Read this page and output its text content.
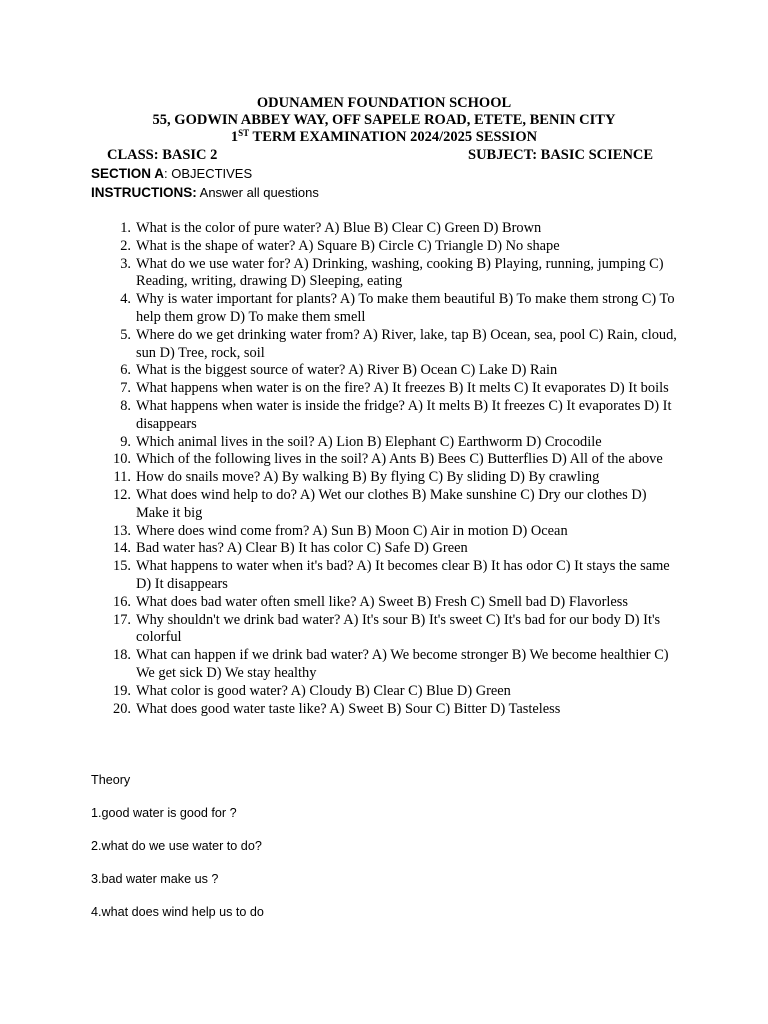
ODUNAMEN FOUNDATION SCHOOL
55, GODWIN ABBEY WAY, OFF SAPELE ROAD, ETETE, BENIN CITY
1ST TERM EXAMINATION 2024/2025 SESSION
CLASS: BASIC 2	SUBJECT: BASIC SCIENCE
SECTION A: OBJECTIVES
INSTRUCTIONS: Answer all questions
1. What is the color of pure water? A) Blue B) Clear C) Green D) Brown
2. What is the shape of water? A) Square B) Circle C) Triangle D) No shape
3. What do we use water for? A) Drinking, washing, cooking B) Playing, running, jumping C) Reading, writing, drawing D) Sleeping, eating
4. Why is water important for plants? A) To make them beautiful B) To make them strong C) To help them grow D) To make them smell
5. Where do we get drinking water from? A) River, lake, tap B) Ocean, sea, pool C) Rain, cloud, sun D) Tree, rock, soil
6. What is the biggest source of water? A) River B) Ocean C) Lake D) Rain
7. What happens when water is on the fire? A) It freezes B) It melts C) It evaporates D) It boils
8. What happens when water is inside the fridge? A) It melts B) It freezes C) It evaporates D) It disappears
9. Which animal lives in the soil? A) Lion B) Elephant C) Earthworm D) Crocodile
10. Which of the following lives in the soil? A) Ants B) Bees C) Butterflies D) All of the above
11. How do snails move? A) By walking B) By flying C) By sliding D) By crawling
12. What does wind help to do? A) Wet our clothes B) Make sunshine C) Dry our clothes D) Make it big
13. Where does wind come from? A) Sun B) Moon C) Air in motion D) Ocean
14. Bad water has? A) Clear B) It has color C) Safe D) Green
15. What happens to water when it's bad? A) It becomes clear B) It has odor C) It stays the same D) It disappears
16. What does bad water often smell like? A) Sweet B) Fresh C) Smell bad D) Flavorless
17. Why shouldn't we drink bad water? A) It's sour B) It's sweet C) It's bad for our body D) It's colorful
18. What can happen if we drink bad water? A) We become stronger B) We become healthier C) We get sick D) We stay healthy
19. What color is good water? A) Cloudy B) Clear C) Blue D) Green
20. What does good water taste like? A) Sweet B) Sour C) Bitter D) Tasteless
Theory
1.good water is good for ?
2.what do we use water to do?
3.bad water make us ?
4.what does wind help us to do
